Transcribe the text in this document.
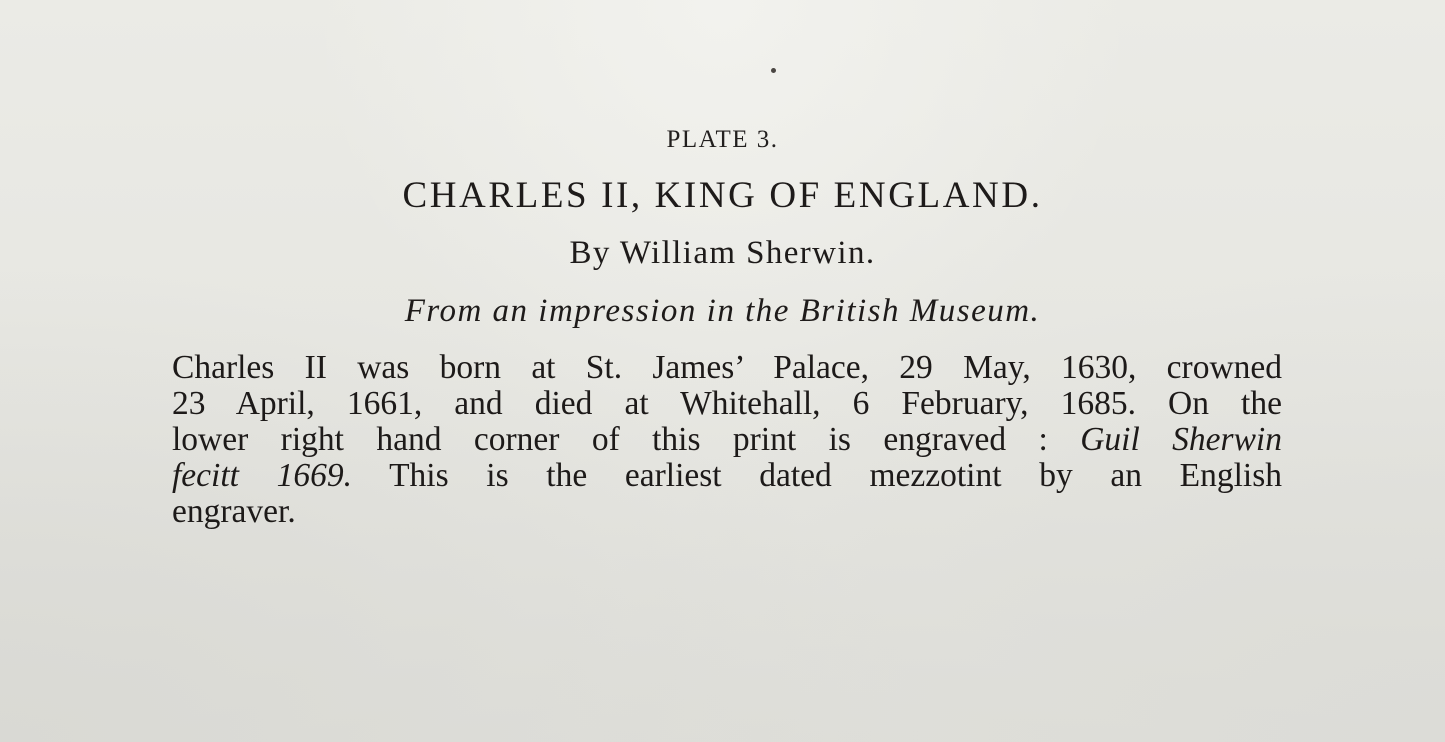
PLATE 3.
CHARLES II, KING OF ENGLAND.
By William Sherwin.
From an impression in the British Museum.
Charles II was born at St. James’ Palace, 29 May, 1630, crowned
23 April, 1661, and died at Whitehall, 6 February, 1685. On the
lower right hand corner of this print is engraved : Guil Sherwin
fecitt 1669. This is the earliest dated mezzotint by an English
engraver.
